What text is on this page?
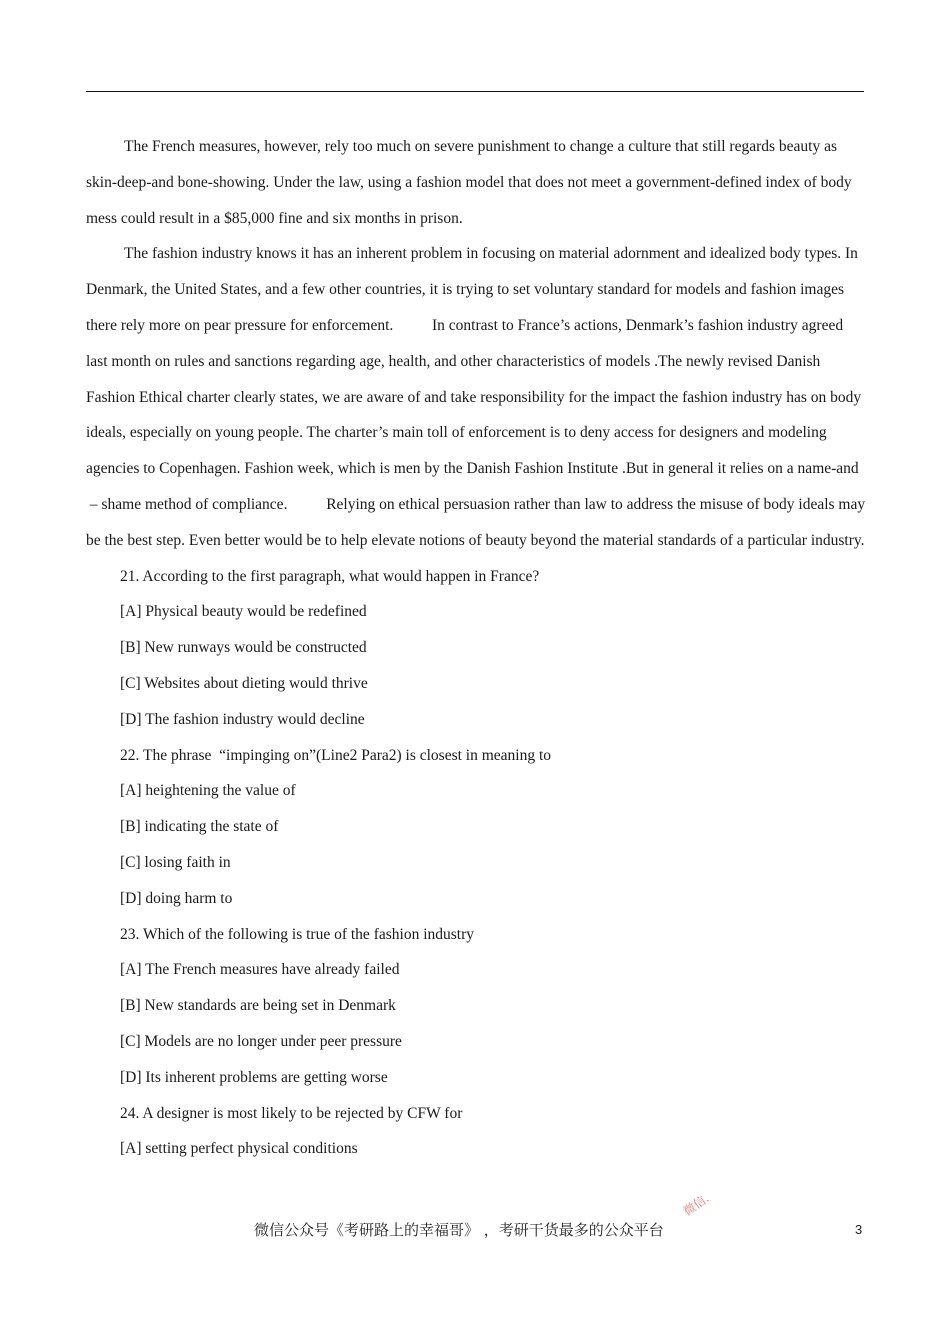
The French measures, however, rely too much on severe punishment to change a culture that still regards beauty as skin-deep-and bone-showing. Under the law, using a fashion model that does not meet a government-defined index of body mess could result in a $85,000 fine and six months in prison.

The fashion industry knows it has an inherent problem in focusing on material adornment and idealized body types. In Denmark, the United States, and a few other countries, it is trying to set voluntary standard for models and fashion images there rely more on pear pressure for enforcement.          In contrast to France’s actions, Denmark’s fashion industry agreed last month on rules and sanctions regarding age, health, and other characteristics of models .The newly revised Danish Fashion Ethical charter clearly states, we are aware of and take responsibility for the impact the fashion industry has on body ideals, especially on young people. The charter’s main toll of enforcement is to deny access for designers and modeling agencies to Copenhagen. Fashion week, which is men by the Danish Fashion Institute .But in general it relies on a name-and  – shame method of compliance.          Relying on ethical persuasion rather than law to address the misuse of body ideals may be the best step. Even better would be to help elevate notions of beauty beyond the material standards of a particular industry.

21. According to the first paragraph, what would happen in France?

[A] Physical beauty would be redefined

[B] New runways would be constructed

[C] Websites about dieting would thrive

[D] The fashion industry would decline

22. The phrase  “impinging on”(Line2 Para2) is closest in meaning to

[A] heightening the value of

[B] indicating the state of

[C] losing faith in

[D] doing harm to

23. Which of the following is true of the fashion industry

[A] The French measures have already failed

[B] New standards are being set in Denmark

[C] Models are no longer under peer pressure

[D] Its inherent problems are getting worse

24. A designer is most likely to be rejected by CFW for

[A] setting perfect physical conditions

微信.
微信公众号《考研路上的幸福哥》 ，考研干货最多的公众平台	3
